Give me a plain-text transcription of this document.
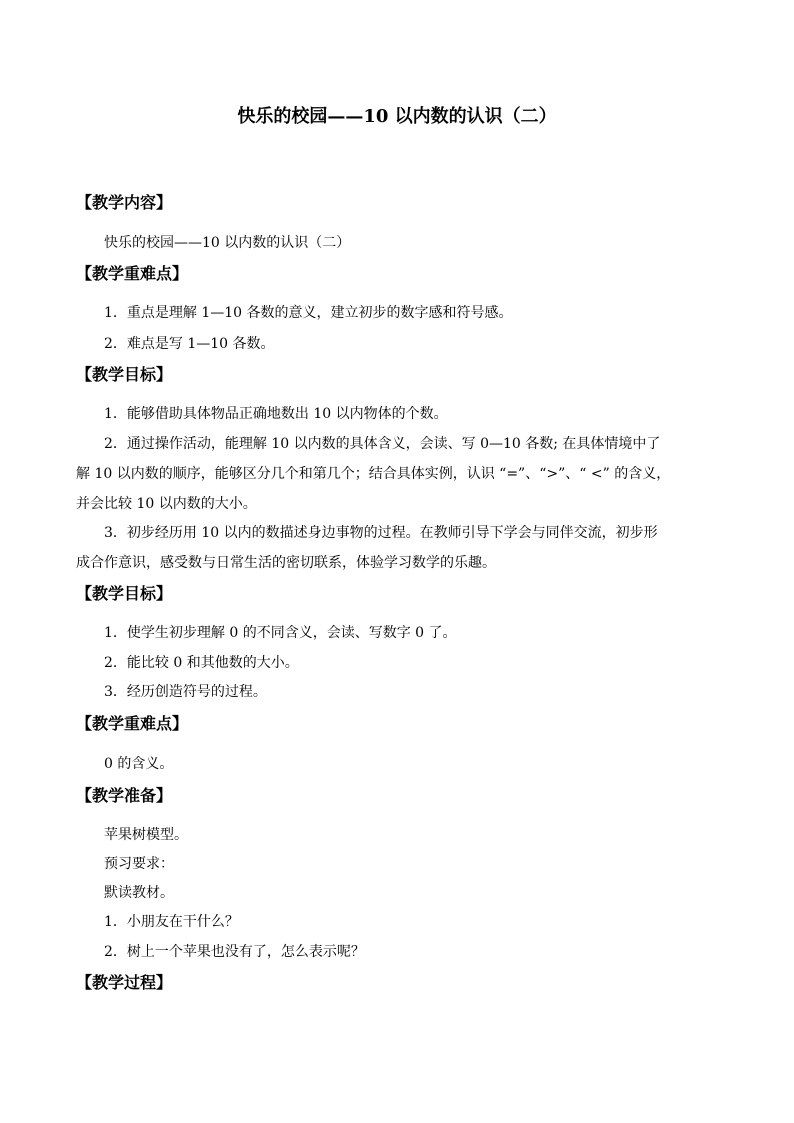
快乐的校园——10 以内数的认识（二）
【教学内容】
快乐的校园——10 以内数的认识（二）
【教学重难点】
1．重点是理解 1—10 各数的意义，建立初步的数字感和符号感。
2．难点是写 1—10 各数。
【教学目标】
1．能够借助具体物品正确地数出 10 以内物体的个数。
2．通过操作活动，能理解 10 以内数的具体含义，会读、写 0—10 各数; 在具体情境中了
解 10 以内数的顺序，能够区分几个和第几个；结合具体实例，认识 “=”、“>”、“ <” 的含义，
并会比较 10 以内数的大小。
3．初步经历用 10 以内的数描述身边事物的过程。在教师引导下学会与同伴交流，初步形
成合作意识，感受数与日常生活的密切联系，体验学习数学的乐趣。
【教学目标】
1．使学生初步理解 0 的不同含义，会读、写数字 0 了。
2．能比较 0 和其他数的大小。
3．经历创造符号的过程。
【教学重难点】
0 的含义。
【教学准备】
苹果树模型。
预习要求：
默读教材。
1．小朋友在干什么？
2．树上一个苹果也没有了，怎么表示呢？
【教学过程】
